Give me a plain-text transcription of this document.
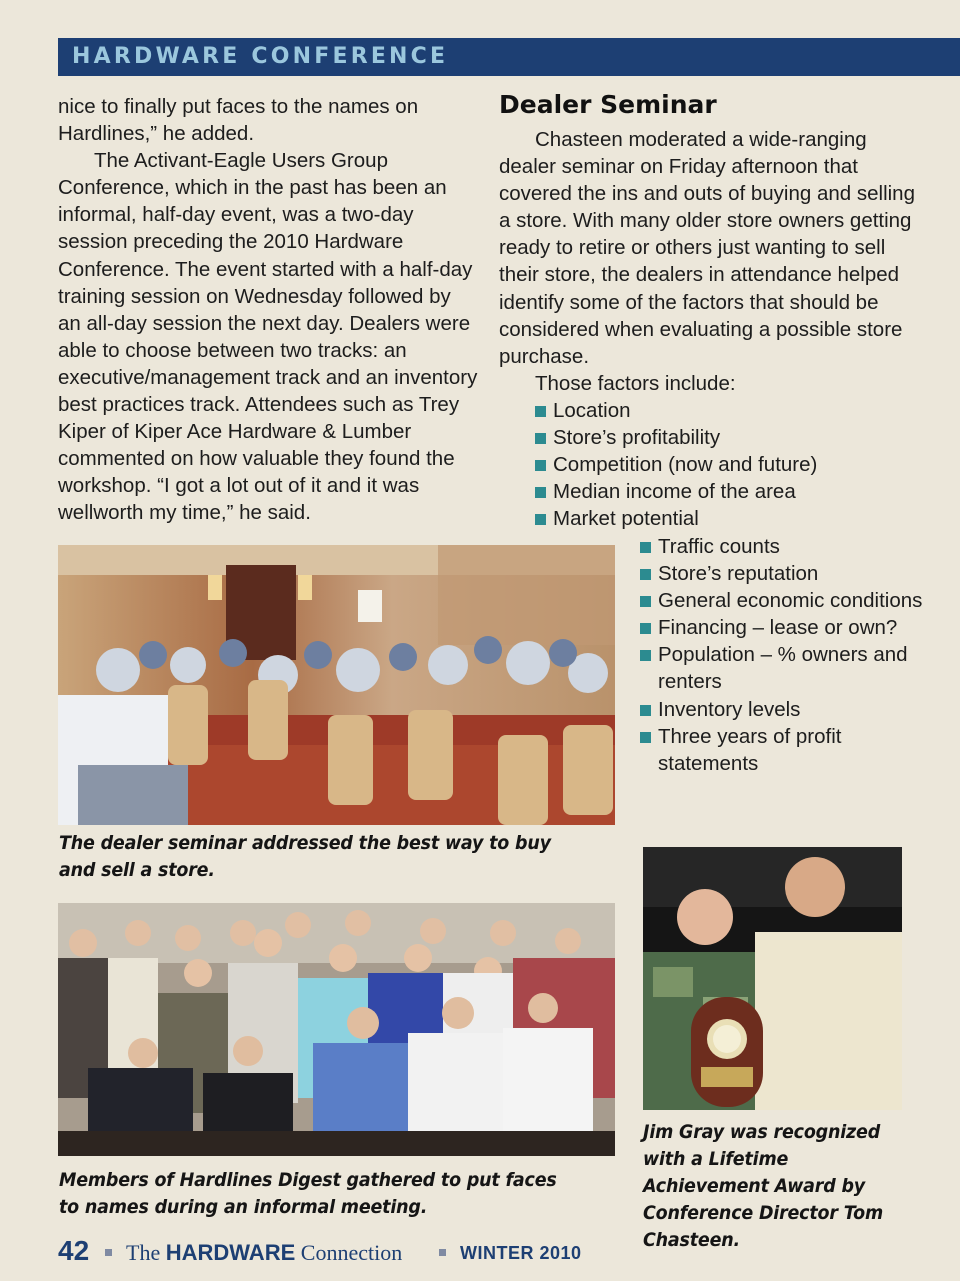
HARDWARE CONFERENCE

nice to finally put faces to the names on Hardlines,” he added.

The Activant-Eagle Users Group Conference, which in the past has been an informal, half-day event, was a two-day session preceding the 2010 Hardware Conference. The event started with a half-day training session on Wednesday followed by an all-day session the next day. Dealers were able to choose between two tracks: an executive/management track and an inventory best practices track. Attendees such as Trey Kiper of Kiper Ace Hardware & Lumber commented on how valuable they found the workshop. “I got a lot out of it and it was wellworth my time,” he said.

Dealer Seminar

Chasteen moderated a wide-ranging dealer seminar on Friday afternoon that covered the ins and outs of buying and selling a store. With many older store owners getting ready to retire or others just wanting to sell their store, the dealers in attendance helped identify some of the factors that should be considered when evaluating a possible store purchase.

Those factors include:

Location
Store’s profitability
Competition (now and future)
Median income of the area
Market potential
Traffic counts
Store’s reputation
General economic conditions
Financing – lease or own?
Population – % owners and renters
Inventory levels
Three years of profit statements
The dealer seminar addressed the best way to buy and sell a store.
Members of Hardlines Digest gathered to put faces to names during an informal meeting.
Jim Gray was recognized with a Lifetime Achievement Award by Conference Director Tom Chasteen.
42 The HARDWARE Connection	WINTER 2010
